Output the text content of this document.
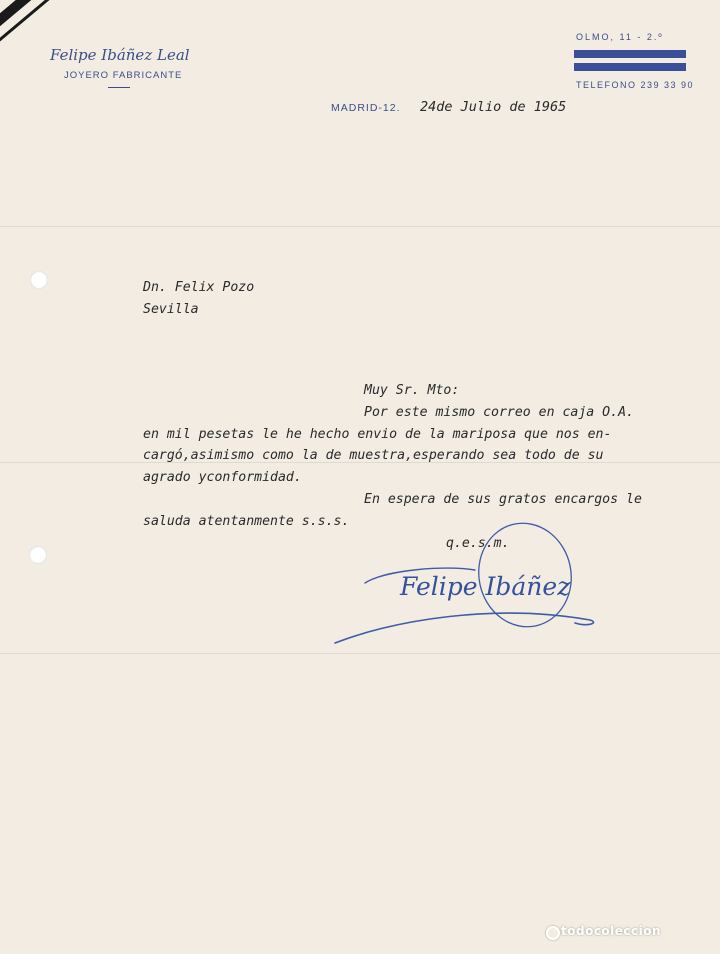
Felipe Ibáñez Leal
JOYERO FABRICANTE
OLMO, 11 - 2.º
TELEFONO 239 33 90
MADRID-12. 24de Julio de 1965
Dn. Felix Pozo
Sevilla
Muy Sr. Mto:
Por este mismo correo en caja O.A.
en mil pesetas le he hecho envio de la mariposa que nos en-
cargó,asimismo como la de muestra,esperando sea todo de su
agrado yconformidad.
En espera de sus gratos encargos le
saluda atentanmente s.s.s.
q.e.s.m.
Felipe Ibáñez
todocoleccion
